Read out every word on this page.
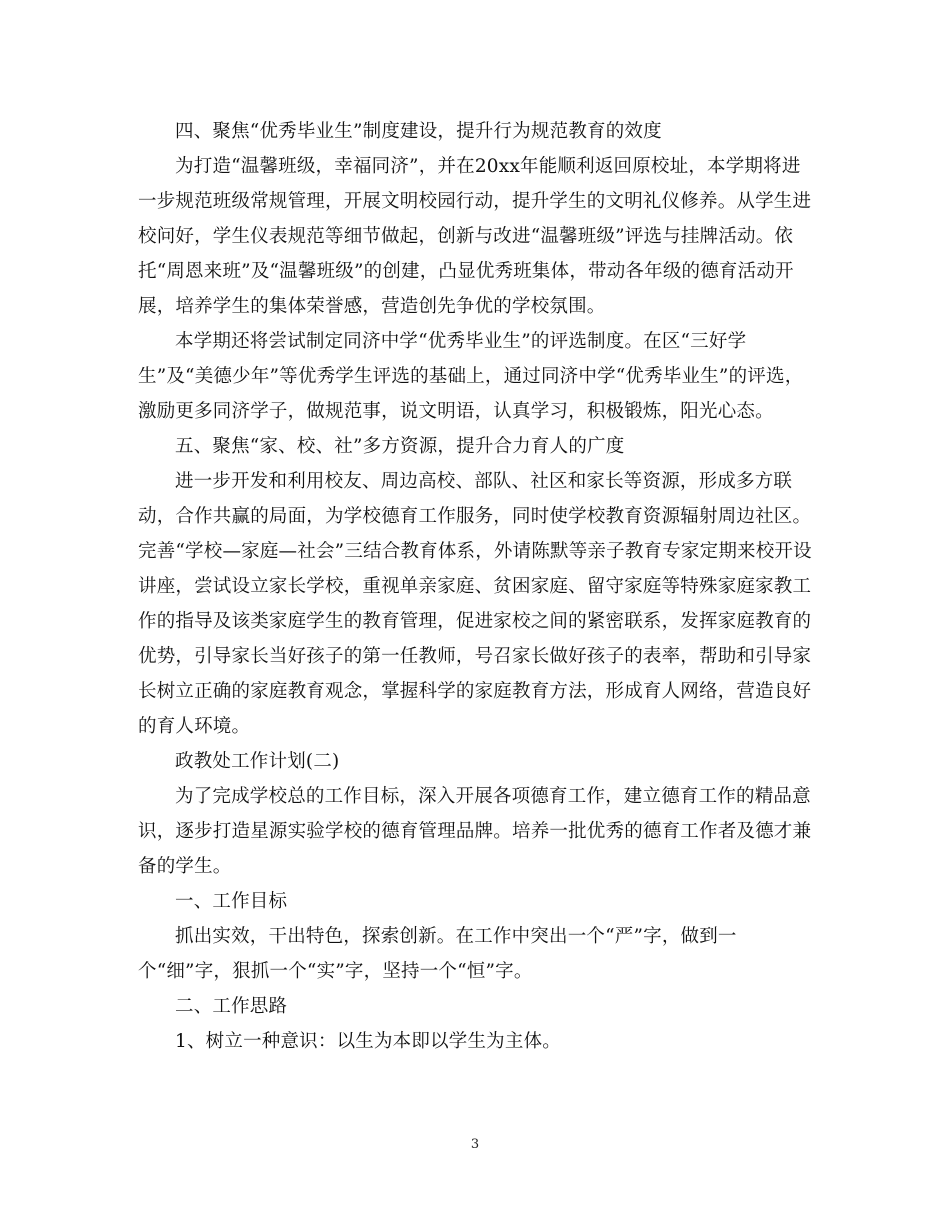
四、聚焦“优秀毕业生”制度建设，提升行为规范教育的效度
为打造“温馨班级，幸福同济”，并在20xx年能顺利返回原校址，本学期将进
一步规范班级常规管理，开展文明校园行动，提升学生的文明礼仪修养。从学生进
校问好，学生仪表规范等细节做起，创新与改进“温馨班级”评选与挂牌活动。依
托“周恩来班”及“温馨班级”的创建，凸显优秀班集体，带动各年级的德育活动开
展，培养学生的集体荣誉感，营造创先争优的学校氛围。
本学期还将尝试制定同济中学“优秀毕业生”的评选制度。在区“三好学
生”及“美德少年”等优秀学生评选的基础上，通过同济中学“优秀毕业生”的评选，
激励更多同济学子，做规范事，说文明语，认真学习，积极锻炼，阳光心态。
五、聚焦“家、校、社”多方资源，提升合力育人的广度
进一步开发和利用校友、周边高校、部队、社区和家长等资源，形成多方联
动，合作共赢的局面，为学校德育工作服务，同时使学校教育资源辐射周边社区。
完善“学校—家庭—社会”三结合教育体系，外请陈默等亲子教育专家定期来校开设
讲座，尝试设立家长学校，重视单亲家庭、贫困家庭、留守家庭等特殊家庭家教工
作的指导及该类家庭学生的教育管理，促进家校之间的紧密联系，发挥家庭教育的
优势，引导家长当好孩子的第一任教师，号召家长做好孩子的表率，帮助和引导家
长树立正确的家庭教育观念，掌握科学的家庭教育方法，形成育人网络，营造良好
的育人环境。
政教处工作计划(二)
为了完成学校总的工作目标，深入开展各项德育工作，建立德育工作的精品意
识，逐步打造星源实验学校的德育管理品牌。培养一批优秀的德育工作者及德才兼
备的学生。
一、工作目标
抓出实效，干出特色，探索创新。在工作中突出一个“严”字，做到一
个“细”字，狠抓一个“实”字，坚持一个“恒”字。
二、工作思路
1、树立一种意识：以生为本即以学生为主体。
3
